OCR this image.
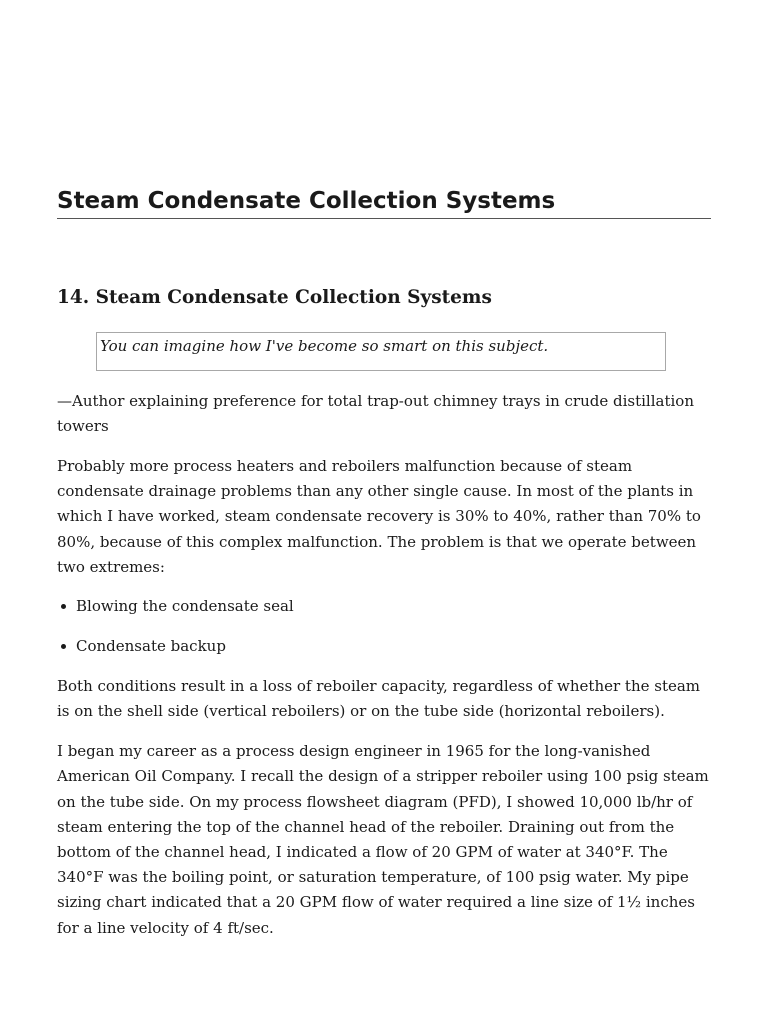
Steam Condensate Collection Systems
14. Steam Condensate Collection Systems
You can imagine how I've become so smart on this subject.

—Author explaining preference for total trap-out chimney trays in crude distillation towers

Probably more process heaters and reboilers malfunction because of steam condensate drainage problems than any other single cause. In most of the plants in which I have worked, steam condensate recovery is 30% to 40%, rather than 70% to 80%, because of this complex malfunction. The problem is that we operate between two extremes:

Blowing the condensate seal
Condensate backup

Both conditions result in a loss of reboiler capacity, regardless of whether the steam is on the shell side (vertical reboilers) or on the tube side (horizontal reboilers).

I began my career as a process design engineer in 1965 for the long-vanished American Oil Company. I recall the design of a stripper reboiler using 100 psig steam on the tube side. On my process flowsheet diagram (PFD), I showed 10,000 lb/hr of steam entering the top of the channel head of the reboiler. Draining out from the bottom of the channel head, I indicated a flow of 20 GPM of water at 340°F. The 340°F was the boiling point, or saturation temperature, of 100 psig water. My pipe sizing chart indicated that a 20 GPM flow of water required a line size of 1½ inches for a line velocity of 4 ft/sec.
